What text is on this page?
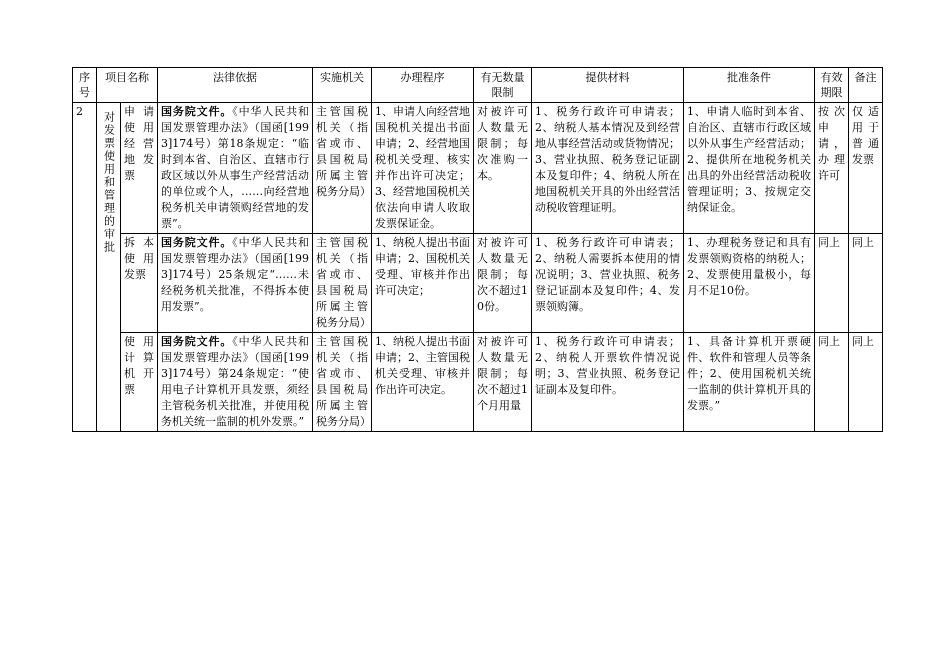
序号	项目名称		法律依据	实施机关	办理程序	有无数量限制	提供材料	批准条件	有效期限	备注
2	对发票使用和管理的审批	申请使用经营地发票	国务院文件。《中华人民共和国发票管理办法》（国函[1993]174号）第18条规定：“临时到本省、自治区、直辖市行政区域以外从事生产经营活动的单位或个人，……向经营地税务机关申请领购经营地的发票”。	主管国税机关（指省或市、县国税局所属主管税务分局）	1、申请人向经营地国税机关提出书面申请；2、经营地国税机关受理、核实并作出许可决定；3、经营地国税机关依法向申请人收取发票保证金。	对被许可人数量无限制；每次准购一本。	1、税务行政许可申请表；2、纳税人基本情况及到经营地从事经营活动或货物情况；3、营业执照、税务登记证副本及复印件；4、纳税人所在地国税机关开具的外出经营活动税收管理证明。	1、申请人临时到本省、自治区、直辖市行政区域以外从事生产经营活动；2、提供所在地税务机关出具的外出经营活动税收管理证明；3、按规定交纳保证金。	按次申请，办理许可	仅适用于普通发票
		拆本使用发票	国务院文件。《中华人民共和国发票管理办法》（国函[1993]174号）25条规定“……未经税务机关批准，不得拆本使用发票”。	主管国税机关（指省或市、县国税局所属主管税务分局）	1、纳税人提出书面申请；2、国税机关受理、审核并作出许可决定；	对被许可人数量无限制；每次不超过10份。	1、税务行政许可申请表；2、纳税人需要拆本使用的情况说明；3、营业执照、税务登记证副本及复印件；4、发票领购簿。	1、办理税务登记和具有发票领购资格的纳税人；2、发票使用量极小，每月不足10份。	同上	同上
		使用计算机开票	国务院文件。《中华人民共和国发票管理办法》（国函[1993]174号）第24条规定：“使用电子计算机开具发票，须经主管税务机关批准，并使用税务机关统一监制的机外发票。”	主管国税机关（指省或市、县国税局所属主管税务分局）	1、纳税人提出书面申请；2、主管国税机关受理、审核并作出许可决定。	对被许可人数量无限制；每次不超过1个月用量	1、税务行政许可申请表；2、纳税人开票软件情况说明；3、营业执照、税务登记证副本及复印件。	1、具备计算机开票硬件、软件和管理人员等条件；2、使用国税机关统一监制的供计算机开具的发票。”	同上	同上
